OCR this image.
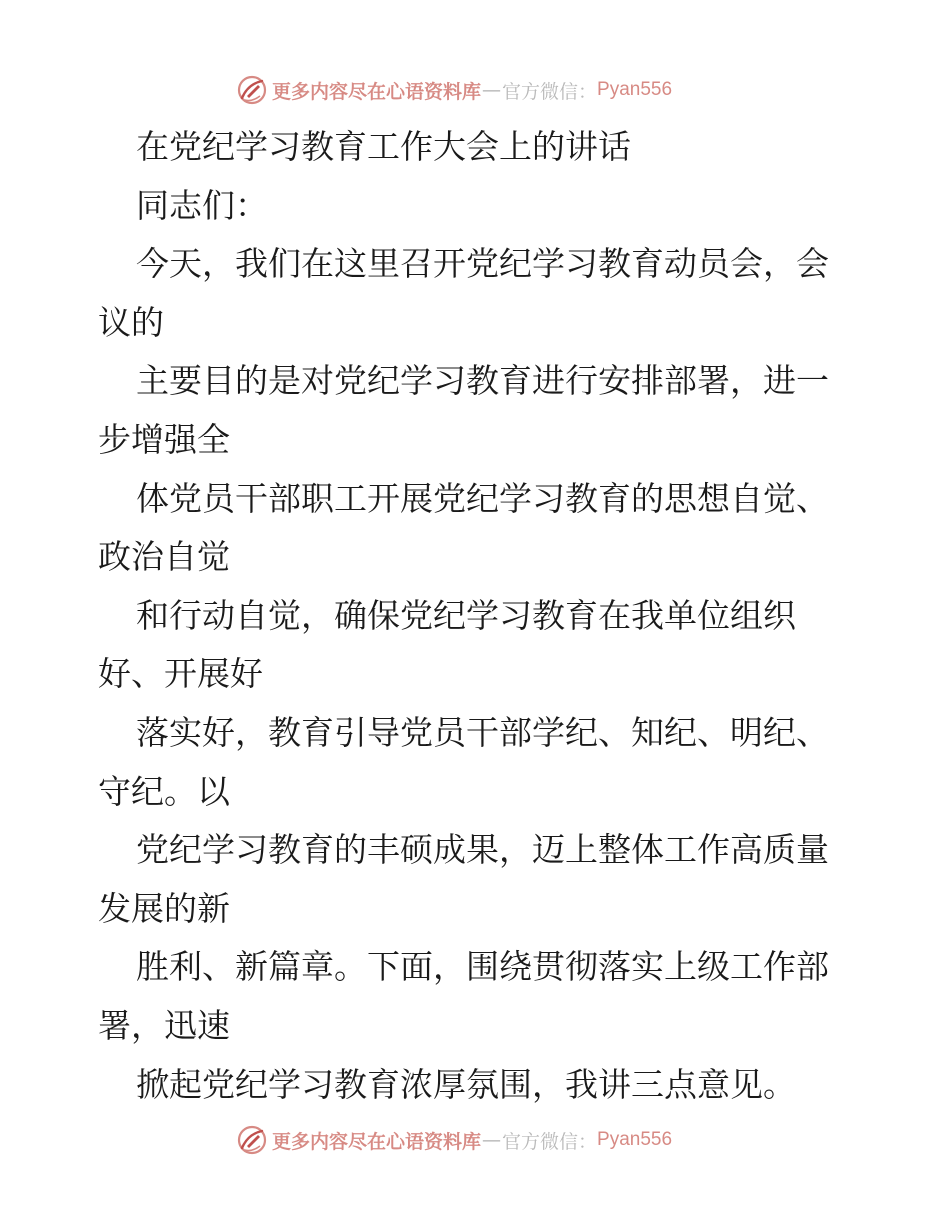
更多内容尽在心语资料库 — 官方微信： Pyan556

在党纪学习教育工作大会上的讲话

同志们：

今天，我们在这里召开党纪学习教育动员会，会

议的

主要目的是对党纪学习教育进行安排部署，进一

步增强全

体党员干部职工开展党纪学习教育的思想自觉、

政治自觉

和行动自觉，确保党纪学习教育在我单位组织

好、开展好

落实好，教育引导党员干部学纪、知纪、明纪、

守纪。以

党纪学习教育的丰硕成果，迈上整体工作高质量

发展的新

胜利、新篇章。下面，围绕贯彻落实上级工作部

署，迅速

掀起党纪学习教育浓厚氛围，我讲三点意见。

更多内容尽在心语资料库 — 官方微信： Pyan556
